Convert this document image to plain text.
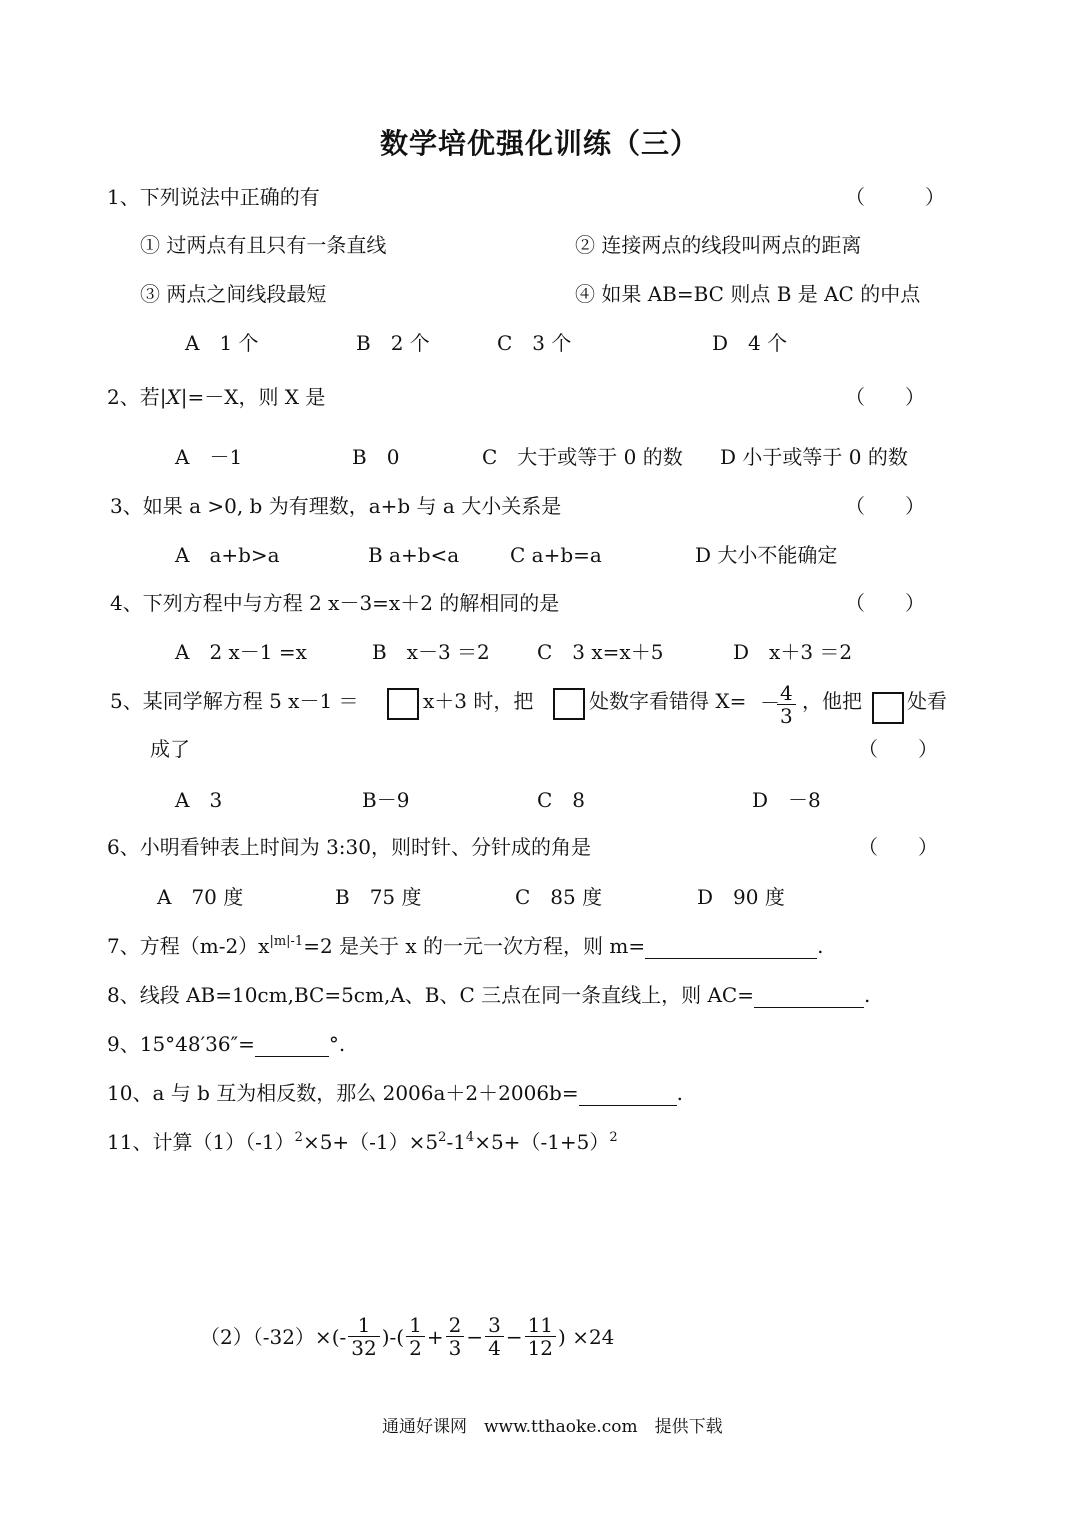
数学培优强化训练（三）
1、下列说法中正确的有	（　　　）
① 过两点有且只有一条直线	② 连接两点的线段叫两点的距离
③ 两点之间线段最短	④ 如果 AB=BC 则点 B 是 AC 的中点
A　1 个	B　2 个	C　3 个	D　4 个
2、若|X|=－X，则 X 是	（　　）
A　－1	B　0	C　大于或等于 0 的数 D 小于或等于 0 的数
3、如果 a >0, b 为有理数，a+b 与 a 大小关系是	（　　）
A　a+b>a	B a+b<a	C a+b=a	D 大小不能确定
4、下列方程中与方程 2 x－3=x＋2 的解相同的是	（　　）
A　2 x－1 =x	B　x－3 ＝2 C　3 x=x＋5	D　x＋3 ＝2
5、某同学解方程 5 x－1 ＝	x＋3 时，把	处数字看错得 X= －
$\frac{4}{3}$ ，他把 处看
成了	（　　）
A　3	B－9	C　8	D　－8
6、小明看钟表上时间为 3:30，则时针、分针成的角是	（　　）
A　70 度	B　75 度	C　85 度	D　90 度
7、方程$(m-2)x^{|m|-1}=2$ 是关于 x 的一元一次方程，则 m=	.
8、线段 AB=10cm,BC=5cm,A、B、C 三点在同一条直线上，则 AC=	.
9、15°48′36″=	°.
10、a 与 b 互为相反数，那么 2006a＋2＋2006b=	.
11、计算$(1)(-1)^2\times 5+(-1)\times 5^2-1^4\times 5+(-1+5)^2$
$(2)(-32)\times(- \frac{1}{32}$ )-( $\frac{1}{2} + \frac{2}{3} - \frac{3}{4} - \frac{11}{12}$ ) ×24
通通好课网　www.tthaoke.com　提供下载
